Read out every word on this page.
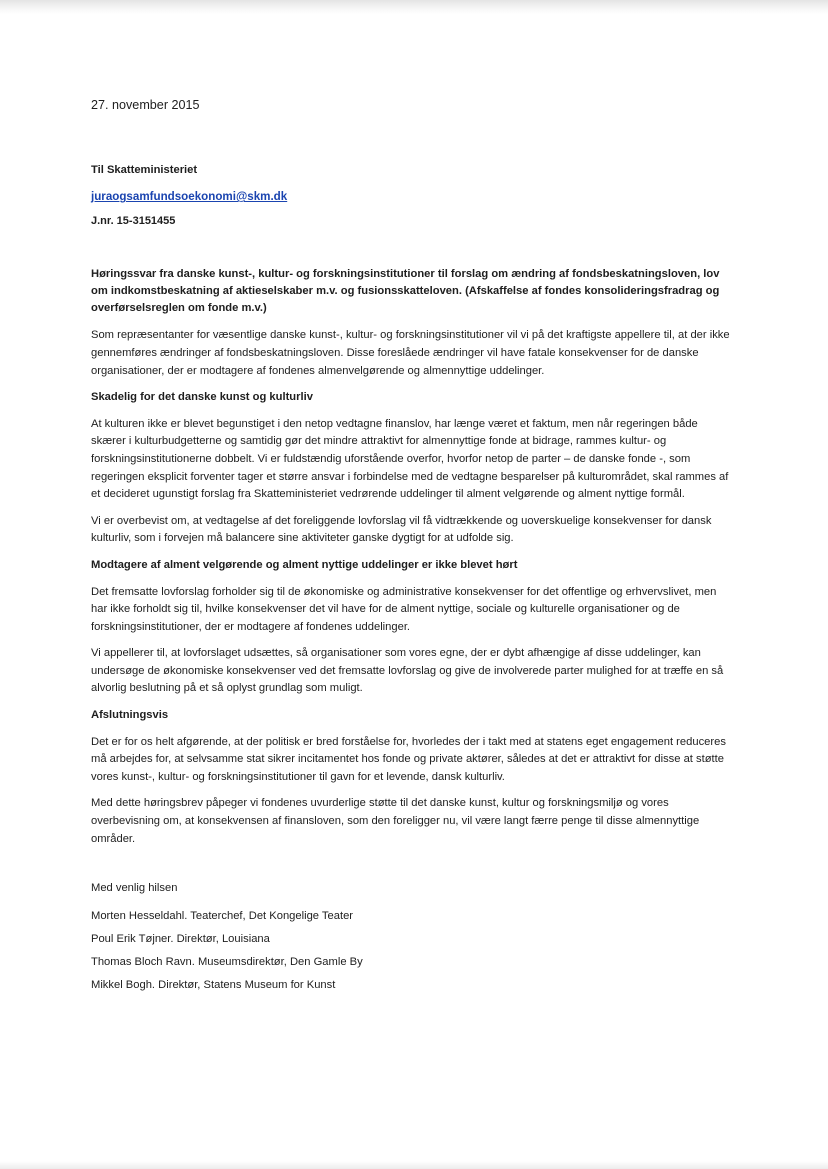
27. november 2015
Til Skatteministeriet
juraogsamfundsoekonomi@skm.dk
J.nr. 15-3151455
Høringssvar fra danske kunst-, kultur- og forskningsinstitutioner til forslag om ændring af fondsbeskatningsloven, lov om indkomstbeskatning af aktieselskaber m.v. og fusionsskatteloven. (Afskaffelse af fondes konsolideringsfradrag og overførselsreglen om fonde m.v.)

Som repræsentanter for væsentlige danske kunst-, kultur- og forskningsinstitutioner vil vi på det kraftigste appellere til, at der ikke gennemføres ændringer af fondsbeskatningsloven. Disse foreslåede ændringer vil have fatale konsekvenser for de danske organisationer, der er modtagere af fondenes almenvelgørende og almennyttige uddelinger.

Skadelig for det danske kunst og kulturliv

At kulturen ikke er blevet begunstiget i den netop vedtagne finanslov, har længe været et faktum, men når regeringen både skærer i kulturbudgetterne og samtidig gør det mindre attraktivt for almennyttige fonde at bidrage, rammes kultur- og forskningsinstitutionerne dobbelt. Vi er fuldstændig uforstående overfor, hvorfor netop de parter – de danske fonde -, som regeringen eksplicit forventer tager et større ansvar i forbindelse med de vedtagne besparelser på kulturområdet, skal rammes af et decideret ugunstigt forslag fra Skatteministeriet vedrørende uddelinger til alment velgørende og alment nyttige formål.

Vi er overbevist om, at vedtagelse af det foreliggende lovforslag vil få vidtrækkende og uoverskuelige konsekvenser for dansk kulturliv, som i forvejen må balancere sine aktiviteter ganske dygtigt for at udfolde sig.

Modtagere af alment velgørende og alment nyttige uddelinger er ikke blevet hørt

Det fremsatte lovforslag forholder sig til de økonomiske og administrative konsekvenser for det offentlige og erhvervslivet, men har ikke forholdt sig til, hvilke konsekvenser det vil have for de alment nyttige, sociale og kulturelle organisationer og de forskningsinstitutioner, der er modtagere af fondenes uddelinger.

Vi appellerer til, at lovforslaget udsættes, så organisationer som vores egne, der er dybt afhængige af disse uddelinger, kan undersøge de økonomiske konsekvenser ved det fremsatte lovforslag og give de involverede parter mulighed for at træffe en så alvorlig beslutning på et så oplyst grundlag som muligt.

Afslutningsvis

Det er for os helt afgørende, at der politisk er bred forståelse for, hvorledes der i takt med at statens eget engagement reduceres må arbejdes for, at selvsamme stat sikrer incitamentet hos fonde og private aktører, således at det er attraktivt for disse at støtte vores kunst-, kultur- og forskningsinstitutioner til gavn for et levende, dansk kulturliv.

Med dette høringsbrev påpeger vi fondenes uvurderlige støtte til det danske kunst, kultur og forskningsmiljø og vores overbevisning om, at konsekvensen af finansloven, som den foreligger nu, vil være langt færre penge til disse almennyttige områder.

Med venlig hilsen
Morten Hesseldahl. Teaterchef, Det Kongelige Teater
Poul Erik Tøjner. Direktør, Louisiana
Thomas Bloch Ravn. Museumsdirektør, Den Gamle By
Mikkel Bogh. Direktør, Statens Museum for Kunst
